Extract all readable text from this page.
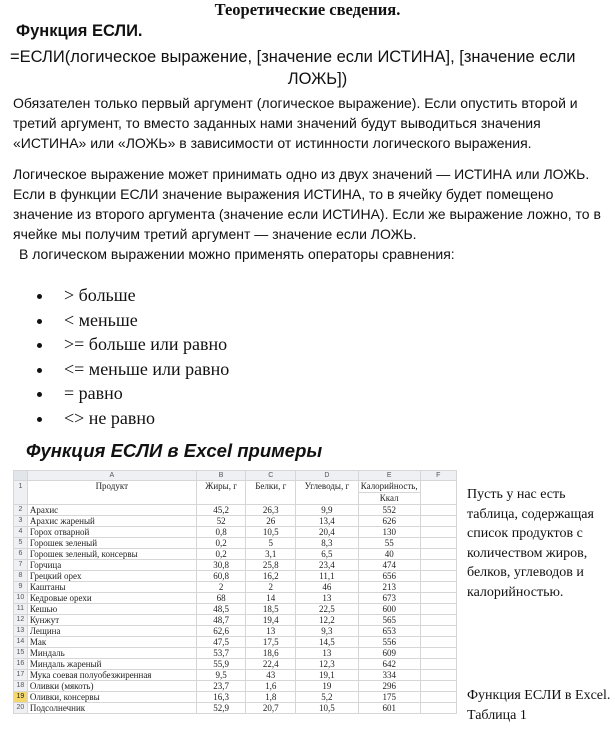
Теоретические сведения.
Функция ЕСЛИ.
=ЕСЛИ(логическое выражение, [значение если ИСТИНА], [значение если
ЛОЖЬ])
Обязателен только первый аргумент (логическое выражение). Если опустить второй и третий аргумент, то вместо заданных нами значений будут выводиться значения «ИСТИНА» или «ЛОЖЬ» в зависимости от истинности логического выражения.
Логическое выражение может принимать одно из двух значений — ИСТИНА или ЛОЖЬ. Если в функции ЕСЛИ значение выражения ИСТИНА, то в ячейку будет помещено значение из второго аргумента (значение если ИСТИНА). Если же выражение ложно, то в ячейке мы получим третий аргумент — значение если ЛОЖЬ.
В логическом выражении можно применять операторы сравнения:
> больше
< меньше
>= больше или равно
<= меньше или равно
= равно
<> не равно
Функция ЕСЛИ в Excel примеры
	A	B	C	D	E	F
1	Продукт	Жиры, г	Белки, г	Углеводы, г	Калорийность,	
					Ккал	
2	Арахис	45,2	26,3	9,9	552	
3	Арахис жареный	52	26	13,4	626	
4	Горох отварной	0,8	10,5	20,4	130	
5	Горошек зеленый	0,2	5	8,3	55	
6	Горошек зеленый, консервы	0,2	3,1	6,5	40	
7	Горчица	30,8	25,8	23,4	474	
8	Грецкий орех	60,8	16,2	11,1	656	
9	Каштаны	2	2	46	213	
10	Кедровые орехи	68	14	13	673	
11	Кешью	48,5	18,5	22,5	600	
12	Кунжут	48,7	19,4	12,2	565	
13	Лещина	62,6	13	9,3	653	
14	Мак	47,5	17,5	14,5	556	
15	Миндаль	53,7	18,6	13	609	
16	Миндаль жареный	55,9	22,4	12,3	642	
17	Мука соевая полуобезжиренная	9,5	43	19,1	334	
18	Оливки (мякоть)	23,7	1,6	19	296	
19	Оливки, консервы	16,3	1,8	5,2	175	
20	Подсолнечник	52,9	20,7	10,5	601	
Пусть у нас есть таблица, содержащая список продуктов с количеством жиров, белков, углеводов и калорийностью.
Функция ЕСЛИ в Excel. Таблица 1
